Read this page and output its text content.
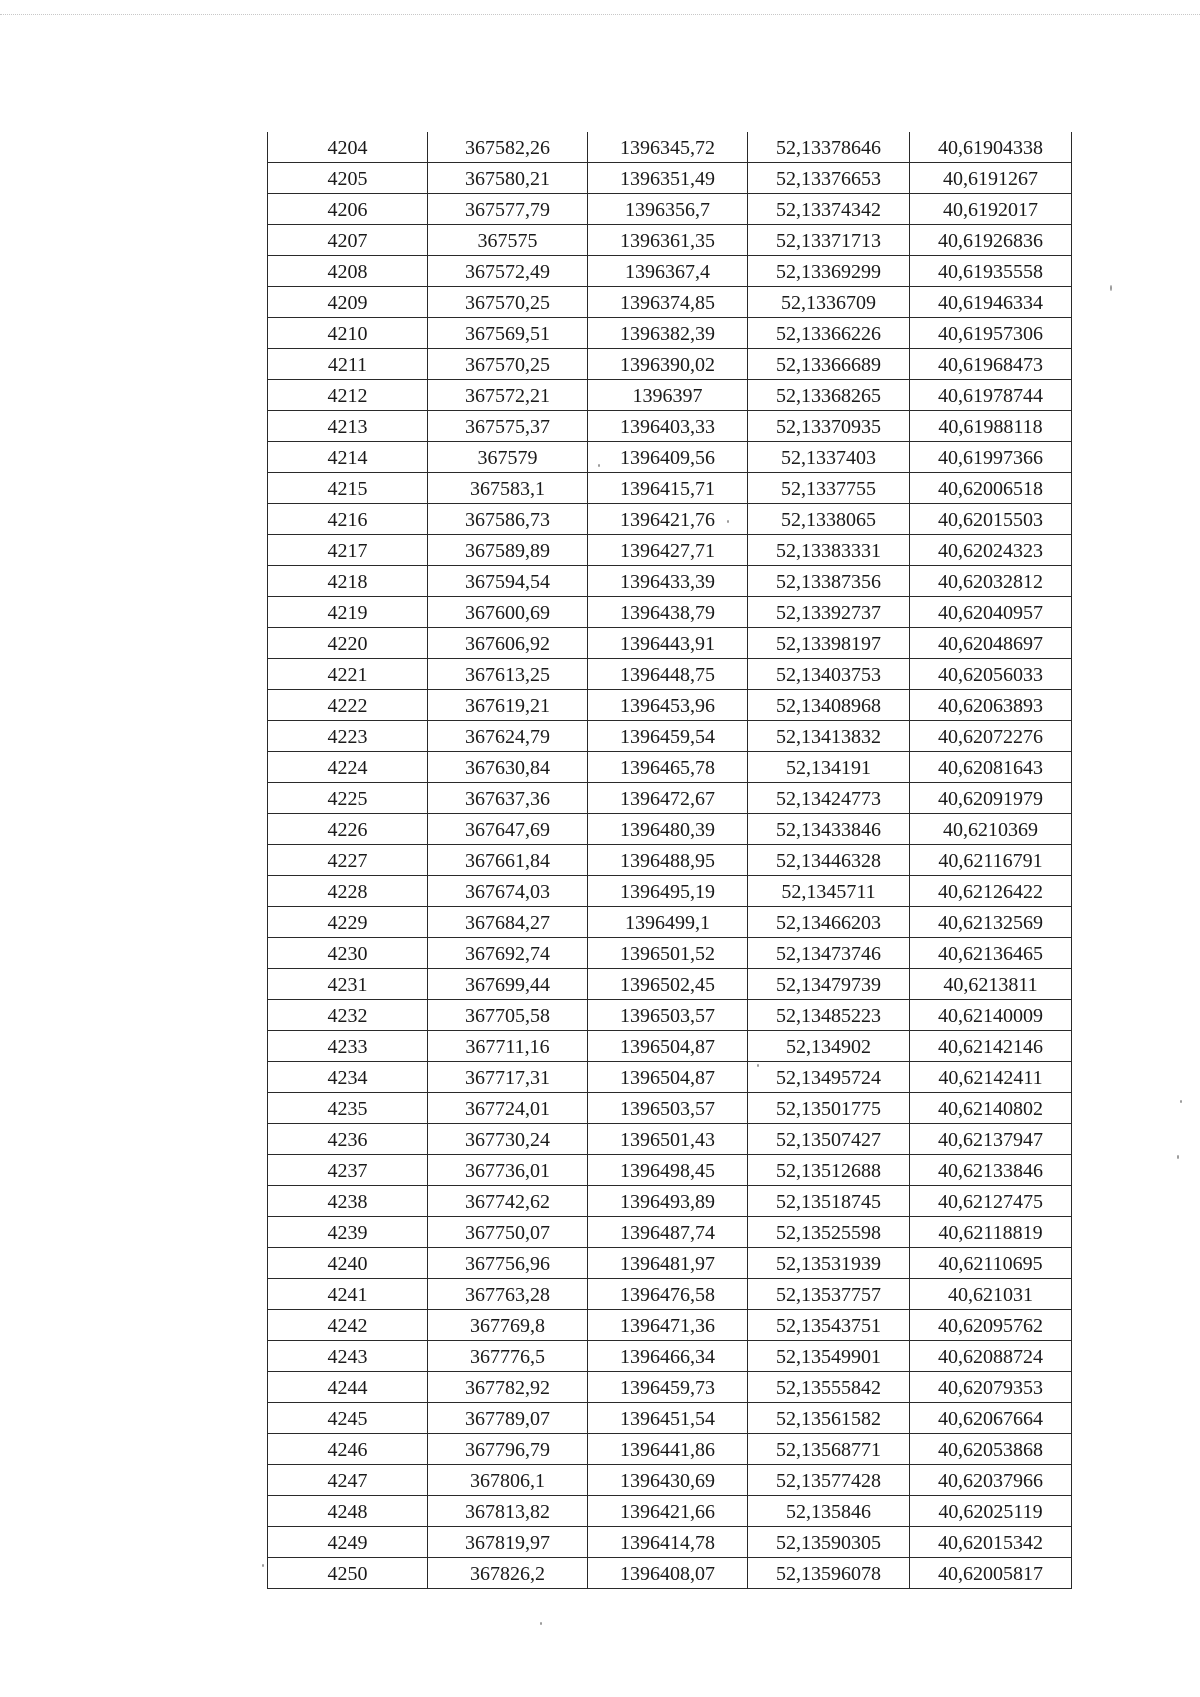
4204	367582,26	1396345,72	52,13378646	40,61904338
4205	367580,21	1396351,49	52,13376653	40,6191267
4206	367577,79	1396356,7	52,13374342	40,6192017
4207	367575	1396361,35	52,13371713	40,61926836
4208	367572,49	1396367,4	52,13369299	40,61935558
4209	367570,25	1396374,85	52,1336709	40,61946334
4210	367569,51	1396382,39	52,13366226	40,61957306
4211	367570,25	1396390,02	52,13366689	40,61968473
4212	367572,21	1396397	52,13368265	40,61978744
4213	367575,37	1396403,33	52,13370935	40,61988118
4214	367579	1396409,56	52,1337403	40,61997366
4215	367583,1	1396415,71	52,1337755	40,62006518
4216	367586,73	1396421,76	52,1338065	40,62015503
4217	367589,89	1396427,71	52,13383331	40,62024323
4218	367594,54	1396433,39	52,13387356	40,62032812
4219	367600,69	1396438,79	52,13392737	40,62040957
4220	367606,92	1396443,91	52,13398197	40,62048697
4221	367613,25	1396448,75	52,13403753	40,62056033
4222	367619,21	1396453,96	52,13408968	40,62063893
4223	367624,79	1396459,54	52,13413832	40,62072276
4224	367630,84	1396465,78	52,134191	40,62081643
4225	367637,36	1396472,67	52,13424773	40,62091979
4226	367647,69	1396480,39	52,13433846	40,6210369
4227	367661,84	1396488,95	52,13446328	40,62116791
4228	367674,03	1396495,19	52,1345711	40,62126422
4229	367684,27	1396499,1	52,13466203	40,62132569
4230	367692,74	1396501,52	52,13473746	40,62136465
4231	367699,44	1396502,45	52,13479739	40,6213811
4232	367705,58	1396503,57	52,13485223	40,62140009
4233	367711,16	1396504,87	52,134902	40,62142146
4234	367717,31	1396504,87	52,13495724	40,62142411
4235	367724,01	1396503,57	52,13501775	40,62140802
4236	367730,24	1396501,43	52,13507427	40,62137947
4237	367736,01	1396498,45	52,13512688	40,62133846
4238	367742,62	1396493,89	52,13518745	40,62127475
4239	367750,07	1396487,74	52,13525598	40,62118819
4240	367756,96	1396481,97	52,13531939	40,62110695
4241	367763,28	1396476,58	52,13537757	40,621031
4242	367769,8	1396471,36	52,13543751	40,62095762
4243	367776,5	1396466,34	52,13549901	40,62088724
4244	367782,92	1396459,73	52,13555842	40,62079353
4245	367789,07	1396451,54	52,13561582	40,62067664
4246	367796,79	1396441,86	52,13568771	40,62053868
4247	367806,1	1396430,69	52,13577428	40,62037966
4248	367813,82	1396421,66	52,135846	40,62025119
4249	367819,97	1396414,78	52,13590305	40,62015342
4250	367826,2	1396408,07	52,13596078	40,62005817
